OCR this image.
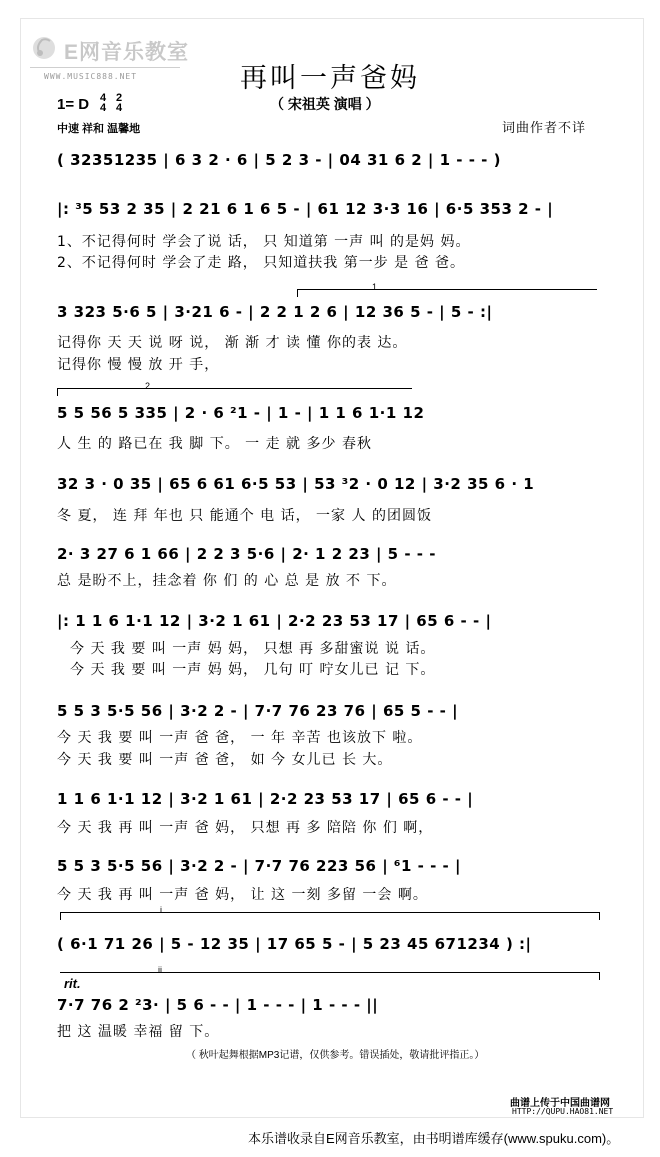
E网音乐教室
WWW.MUSIC888.NET	再叫一声爸妈
（ 宋祖英 演唱 ）
1= D 4
4
2
4
中速 祥和 温馨地	词曲作者不详
( 32351235 | 6 3 2 · 6 | 5 2 3 - | 04 31 6 2 | 1 - - - )
|: ³5 53 2 35 | 2 21 6 1 6 5 - | 61 12 3·3 16 | 6·5 353 2 - |
1、不记得何时 学会了说 话， 只 知道第 一声 叫 的是妈 妈。
2、不记得何时 学会了走 路， 只知道扶我 第一步 是 爸 爸。
1
3 323 5·6 5 | 3·21 6 - | 2 2 1 2 6 | 12 36 5 - | 5 - :|
记得你 天 天 说 呀 说， 渐 渐 才 读 懂 你的表 达。
记得你 慢 慢 放 开 手，
2
5 5 56 5 335 | 2 · 6 ²1 - | 1 - | 1 1 6 1·1 12
人 生 的 路已在 我 脚 下。 一 走 就 多少 春秋
32 3 · 0 35 | 65 6 61 6·5 53 | 53 ³2 · 0 12 | 3·2 35 6 · 1
冬 夏， 连 拜 年也 只 能通个 电 话， 一家 人 的团圆饭
2· 3 27 6 1 66 | 2 2 3 5·6 | 2· 1 2 23 | 5 - - -
总 是盼不上，挂念着 你 们 的 心 总 是 放 不 下。
|: 1 1 6 1·1 12 | 3·2 1 61 | 2·2 23 53 17 | 65 6 - - |
今 天 我 要 叫 一声 妈 妈， 只想 再 多甜蜜说 说 话。
今 天 我 要 叫 一声 妈 妈， 几句 叮 咛女儿已 记 下。
5 5 3 5·5 56 | 3·2 2 - | 7·7 76 23 76 | 65 5 - - |
今 天 我 要 叫 一声 爸 爸， 一 年 辛苦 也该放下 啦。
今 天 我 要 叫 一声 爸 爸， 如 今 女儿已 长 大。
1 1 6 1·1 12 | 3·2 1 61 | 2·2 23 53 17 | 65 6 - - |
今 天 我 再 叫 一声 爸 妈， 只想 再 多 陪陪 你 们 啊，
5 5 3 5·5 56 | 3·2 2 - | 7·7 76 223 56 | ⁶1 - - - |
今 天 我 再 叫 一声 爸 妈， 让 这 一刻 多留 一会 啊。
i
( 6·1 71 26 | 5 - 12 35 | 17 65 5 - | 5 23 45 671234 ) :|
ii
rit.
7·7 76 2 ²3· | 5 6 - - | 1 - - - | 1 - - - ||
把 这 温暖 幸福 留 下。
（ 秋叶起舞根据MP3记谱，仅供参考。错误插处，敬请批评指正。）
曲谱上传于中国曲谱网
HTTP://QUPU.HAO81.NET
本乐谱收录自E网音乐教室，由书明谱库缓存(www.spuku.com)。
